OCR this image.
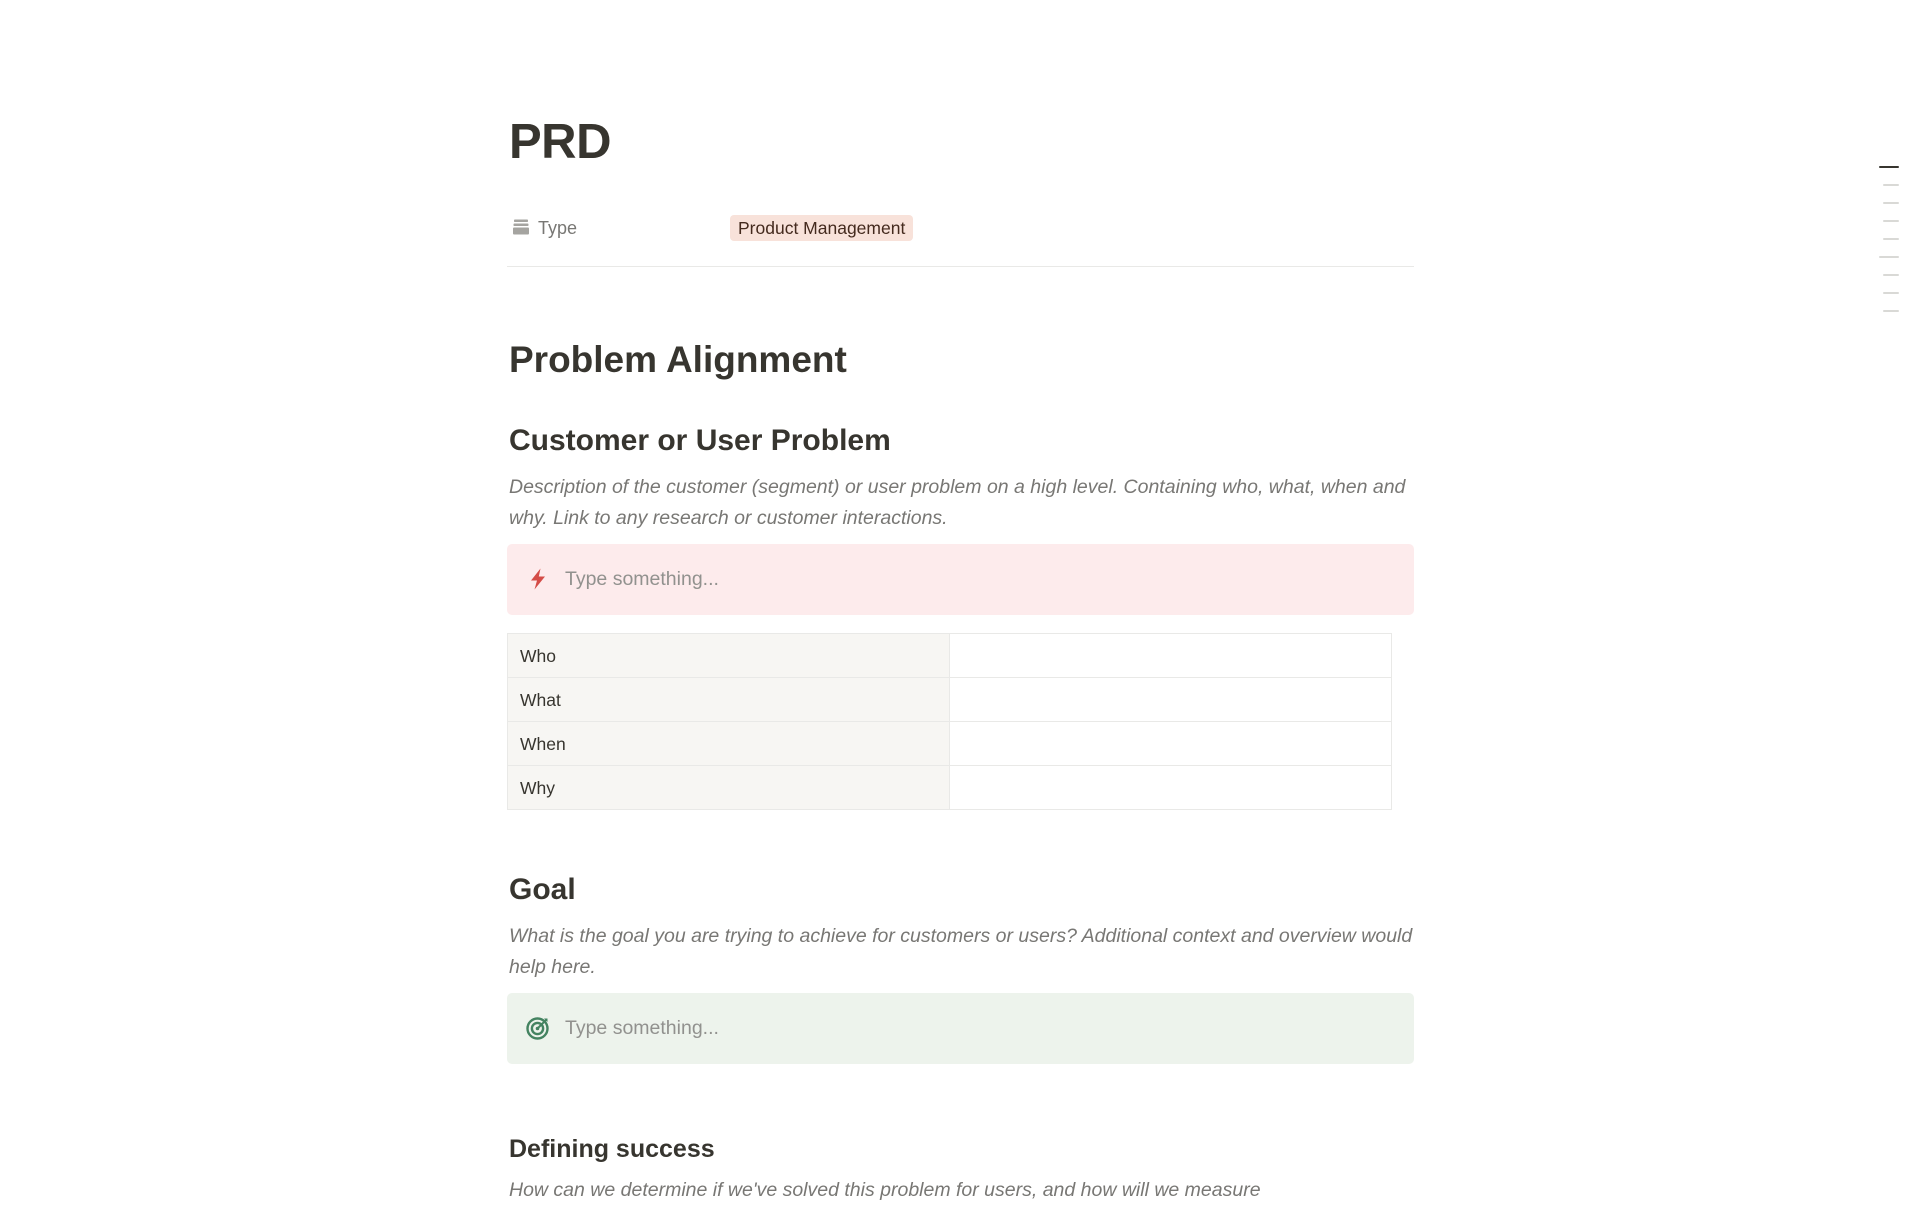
PRD
Type	Product Management
Problem Alignment
Customer or User Problem

Description of the customer (segment) or user problem on a high level. Containing who, what, when and why. Link to any research or customer interactions.

Type something...
Who	
What	
When	
Why	
Goal

What is the goal you are trying to achieve for customers or users? Additional context and overview would help here.

Type something...
Defining success

How can we determine if we've solved this problem for users, and how will we measure
